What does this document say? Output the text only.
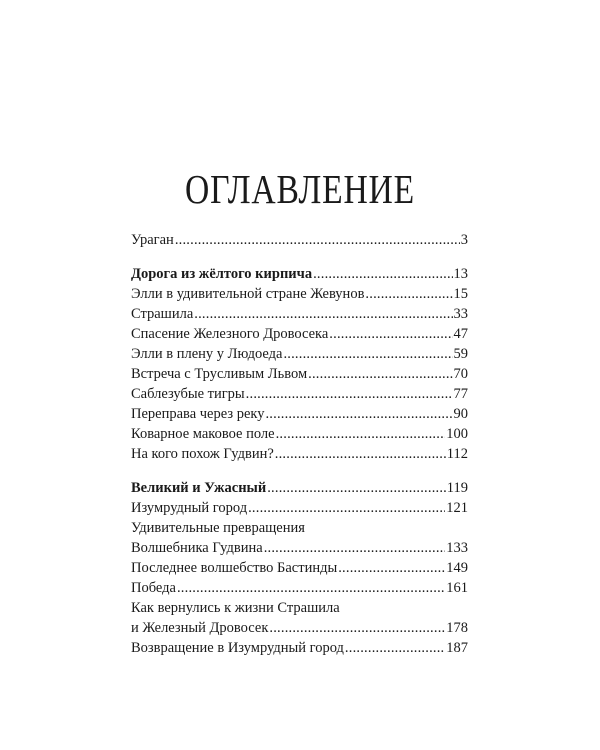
ОГЛАВЛЕНИЕ
Ураган .....	3
Дорога из жёлтого кирпича .....	13
Элли в удивительной стране Жевунов .....	15
Страшила .....	33
Спасение Железного Дровосека .....	47
Элли в плену у Людоеда .....	59
Встреча с Трусливым Львом .....	70
Саблезубые тигры .....	77
Переправа через реку .....	90
Коварное маковое поле .....	100
На кого похож Гудвин? .....	112
Великий и Ужасный .....	119
Изумрудный город .....	121
Удивительные превращения
Волшебника Гудвина .....	133
Последнее волшебство Бастинды .....	149
Победа .....	161
Как вернулись к жизни Страшила
и Железный Дровосек .....	178
Возвращение в Изумрудный город .....	187
